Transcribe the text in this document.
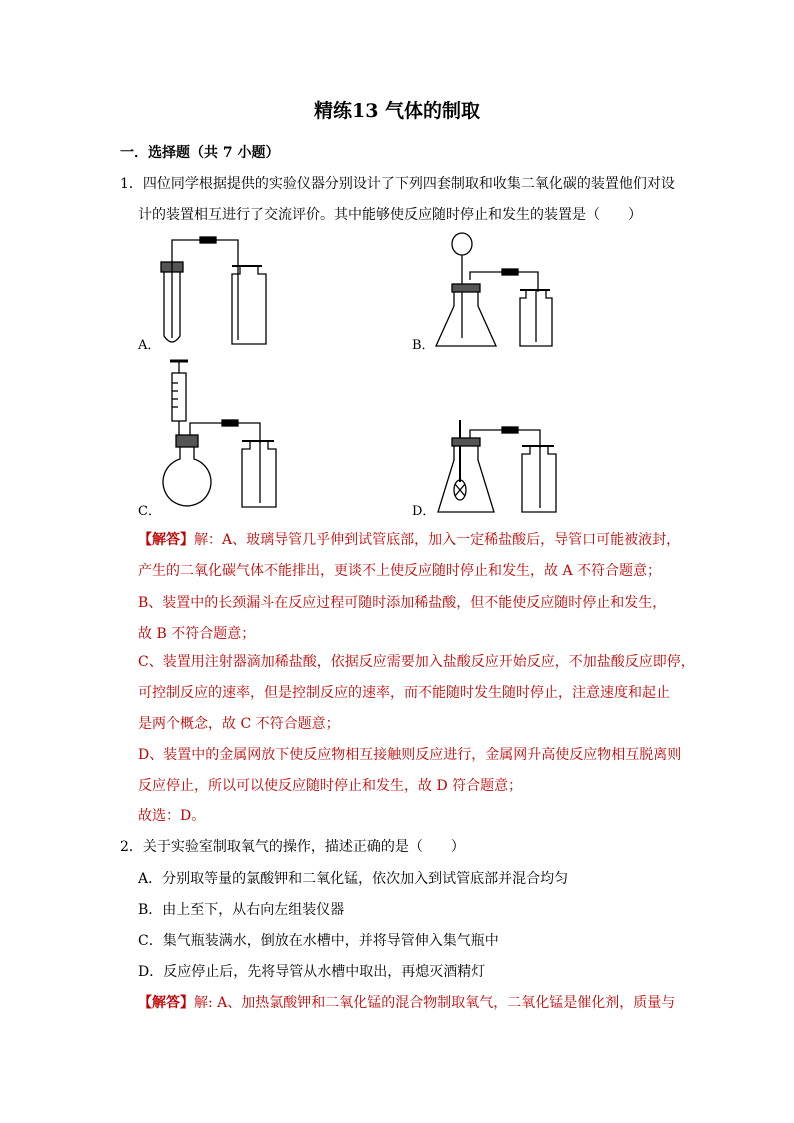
精练13 气体的制取
一．选择题（共 7 小题）
1．四位同学根据提供的实验仪器分别设计了下列四套制取和收集二氧化碳的装置他们对设
计的装置相互进行了交流评价。其中能够使反应随时停止和发生的装置是（　　）
A．	B．
C．	D．
【解答】解：A、玻璃导管几乎伸到试管底部，加入一定稀盐酸后，导管口可能被液封，
产生的二氧化碳气体不能排出，更谈不上使反应随时停止和发生，故 A 不符合题意；
B、装置中的长颈漏斗在反应过程可随时添加稀盐酸，但不能使反应随时停止和发生，
故 B 不符合题意；
C、装置用注射器滴加稀盐酸，依据反应需要加入盐酸反应开始反应，不加盐酸反应即停，
可控制反应的速率，但是控制反应的速率，而不能随时发生随时停止，注意速度和起止
是两个概念，故 C 不符合题意；
D、装置中的金属网放下使反应物相互接触则反应进行，金属网升高使反应物相互脱离则
反应停止，所以可以使反应随时停止和发生，故 D 符合题意；
故选：D。
2．关于实验室制取氧气的操作，描述正确的是（　　）
A．分别取等量的氯酸钾和二氧化锰，依次加入到试管底部并混合均匀
B．由上至下，从右向左组装仪器
C．集气瓶装满水，倒放在水槽中，并将导管伸入集气瓶中
D．反应停止后，先将导管从水槽中取出，再熄灭酒精灯
【解答】解: A、加热氯酸钾和二氧化锰的混合物制取氧气，二氧化锰是催化剂，质量与
